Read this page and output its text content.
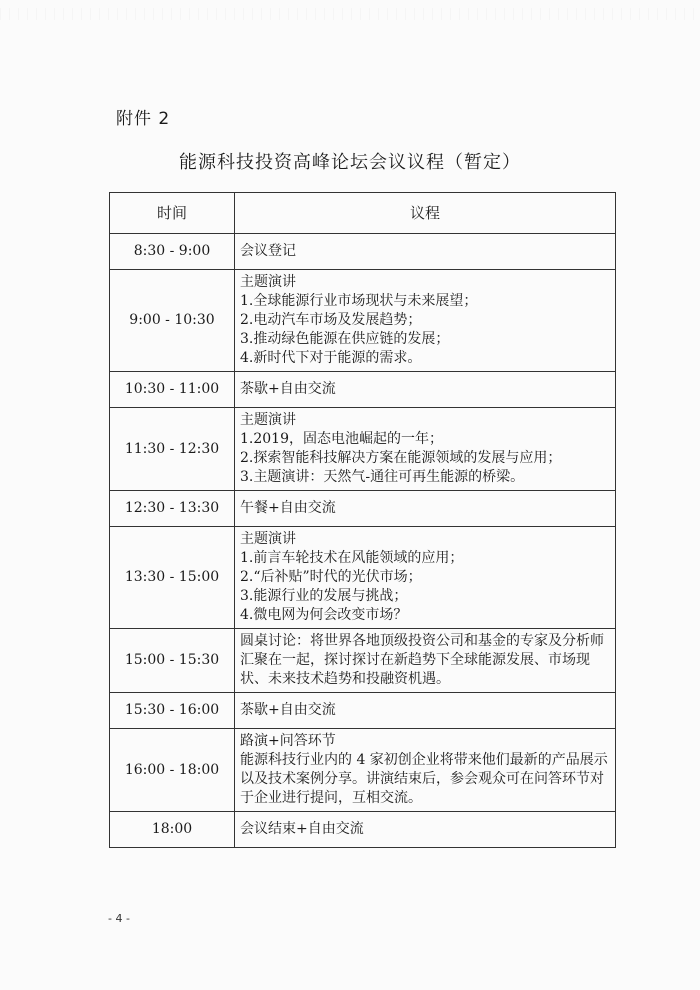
附件 2
能源科技投资高峰论坛会议议程（暂定）
时间	议程
8:30 - 9:00	会议登记

9:00 - 10:30	主题演讲
1.全球能源行业市场现状与未来展望；
2.电动汽车市场及发展趋势；
3.推动绿色能源在供应链的发展；
4.新时代下对于能源的需求。

10:30 - 11:00	茶歇+自由交流

11:30 - 12:30	主题演讲
1.2019，固态电池崛起的一年；
2.探索智能科技解决方案在能源领域的发展与应用；
3.主题演讲：天然气-通往可再生能源的桥梁。

12:30 - 13:30	午餐+自由交流

13:30 - 15:00	主题演讲
1.前言车轮技术在风能领域的应用；
2.“后补贴”时代的光伏市场；
3.能源行业的发展与挑战；
4.微电网为何会改变市场？

15:00 - 15:30	圆桌讨论：将世界各地顶级投资公司和基金的专家及分析师汇聚在一起，探讨探讨在新趋势下全球能源发展、市场现状、未来技术趋势和投融资机遇。

15:30 - 16:00	茶歇+自由交流

16:00 - 18:00	路演+问答环节
能源科技行业内的 4 家初创企业将带来他们最新的产品展示以及技术案例分享。讲演结束后，参会观众可在问答环节对于企业进行提问，互相交流。

18:00	会议结束+自由交流
- 4 -
